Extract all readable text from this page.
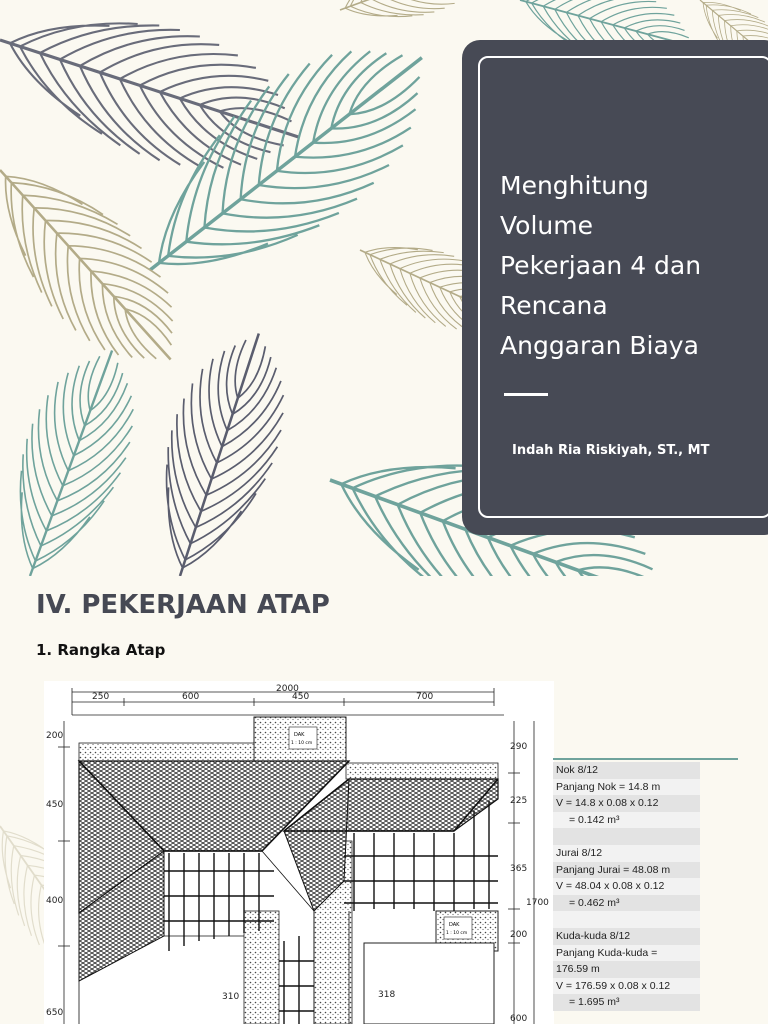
Menghitung
Volume
Pekerjaan 4 dan
Rencana
Anggaran Biaya
Indah Ria Riskiyah, ST., MT
IV. PEKERJAAN ATAP
1. Rangka Atap
250	600	450	700
2000
200
450
400
650
290
225
365
200
600
1700
DAK
1 : 10 cm
DAK
1 : 10 cm
310	318
Nok 8/12
Panjang Nok = 14.8 m
V = 14.8 x 0.08 x 0.12
= 0.142 m³
Jurai 8/12
Panjang Jurai = 48.08 m
V = 48.04 x 0.08 x 0.12
= 0.462 m³
Kuda-kuda 8/12
Panjang Kuda-kuda =
176.59 m
V = 176.59 x 0.08 x 0.12
= 1.695 m³
